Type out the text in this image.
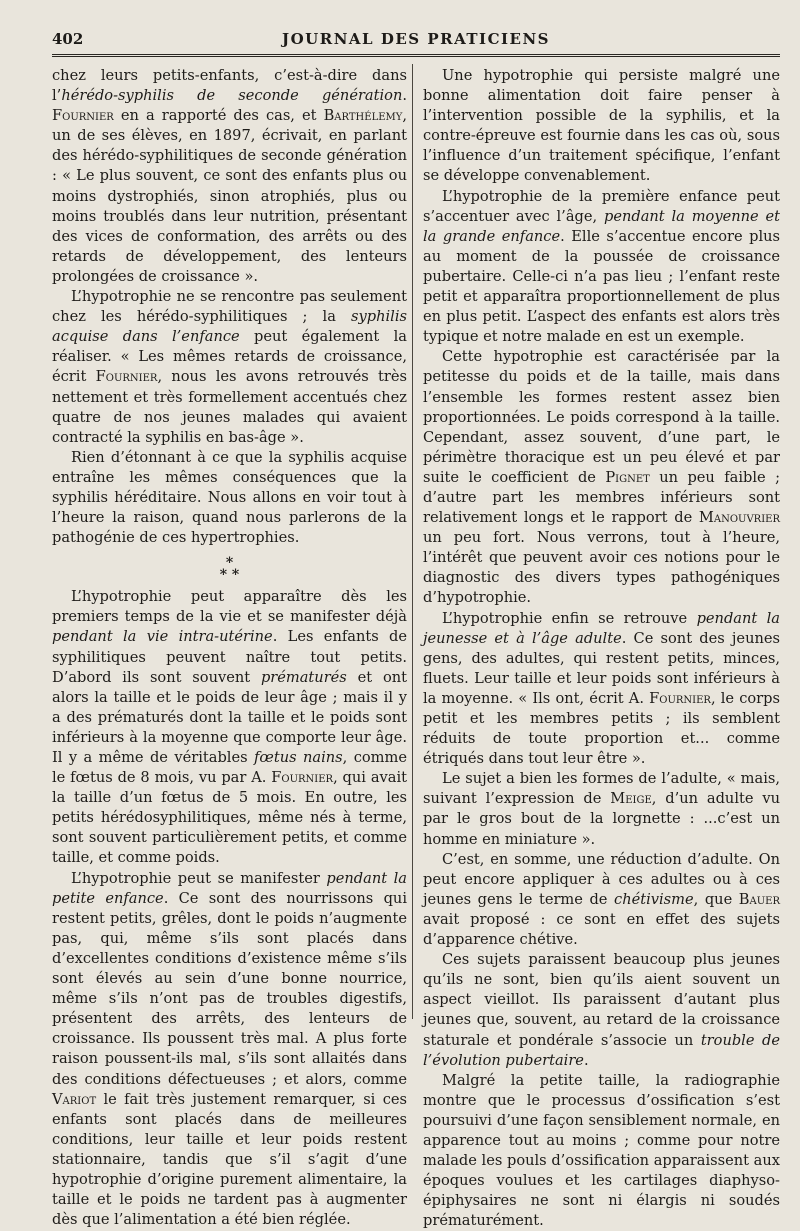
402	JOURNAL DES PRATICIENS

chez leurs petits-enfants, c’est-à-dire dans l’hérédo-syphilis de seconde génération. Fournier en a rapporté des cas, et Barthélemy, un de ses élèves, en 1897, écrivait, en parlant des hérédo-syphilitiques de seconde génération : « Le plus souvent, ce sont des enfants plus ou moins dystrophiés, sinon atrophiés, plus ou moins troublés dans leur nutrition, présentant des vices de conformation, des arrêts ou des retards de développement, des lenteurs prolongées de croissance ».

L’hypotrophie ne se rencontre pas seulement chez les hérédo-syphilitiques ; la syphilis acquise dans l’enfance peut également la réaliser. « Les mêmes retards de croissance, écrit Fournier, nous les avons retrouvés très nettement et très formellement accentués chez quatre de nos jeunes malades qui avaient contracté la syphilis en bas-âge ».

Rien d’étonnant à ce que la syphilis acquise entraîne les mêmes conséquences que la syphilis héréditaire. Nous allons en voir tout à l’heure la raison, quand nous parlerons de la pathogénie de ces hypertrophies.

*
* *

L’hypotrophie peut apparaître dès les premiers temps de la vie et se manifester déjà pendant la vie intra-utérine. Les enfants de syphilitiques peuvent naître tout petits. D’abord ils sont souvent prématurés et ont alors la taille et le poids de leur âge ; mais il y a des prématurés dont la taille et le poids sont inférieurs à la moyenne que comporte leur âge. Il y a même de véritables fœtus nains, comme le fœtus de 8 mois, vu par A. Fournier, qui avait la taille d’un fœtus de 5 mois. En outre, les petits hérédosyphilitiques, même nés à terme, sont souvent particulièrement petits, et comme taille, et comme poids.

L’hypotrophie peut se manifester pendant la petite enfance. Ce sont des nourrissons qui restent petits, grêles, dont le poids n’augmente pas, qui, même s’ils sont placés dans d’excellentes conditions d’existence même s’ils sont élevés au sein d’une bonne nourrice, même s’ils n’ont pas de troubles digestifs, présentent des arrêts, des lenteurs de croissance. Ils poussent très mal. A plus forte raison poussent-ils mal, s’ils sont allaités dans des conditions défectueuses ; et alors, comme Variot le fait très justement remarquer, si ces enfants sont placés dans de meilleures conditions, leur taille et leur poids restent stationnaire, tandis que s’il s’agit d’une hypotrophie d’origine purement alimentaire, la taille et le poids ne tardent pas à augmenter dès que l’alimentation a été bien réglée.

Une hypotrophie qui persiste malgré une bonne alimentation doit faire penser à l’intervention possible de la syphilis, et la contre-épreuve est fournie dans les cas où, sous l’influence d’un traitement spécifique, l’enfant se développe convenablement.

L’hypotrophie de la première enfance peut s’accentuer avec l’âge, pendant la moyenne et la grande enfance. Elle s’accentue encore plus au moment de la poussée de croissance pubertaire. Celle-ci n’a pas lieu ; l’enfant reste petit et apparaîtra proportionnellement de plus en plus petit. L’aspect des enfants est alors très typique et notre malade en est un exemple.

Cette hypotrophie est caractérisée par la petitesse du poids et de la taille, mais dans l’ensemble les formes restent assez bien proportionnées. Le poids correspond à la taille. Cependant, assez souvent, d’une part, le périmètre thoracique est un peu élevé et par suite le coefficient de Pignet un peu faible ; d’autre part les membres inférieurs sont relativement longs et le rapport de Manouvrier un peu fort. Nous verrons, tout à l’heure, l’intérêt que peuvent avoir ces notions pour le diagnostic des divers types pathogéniques d’hypotrophie.

L’hypotrophie enfin se retrouve pendant la jeunesse et à l’âge adulte. Ce sont des jeunes gens, des adultes, qui restent petits, minces, fluets. Leur taille et leur poids sont inférieurs à la moyenne. « Ils ont, écrit A. Fournier, le corps petit et les membres petits ; ils semblent réduits de toute proportion et... comme étriqués dans tout leur être ».

Le sujet a bien les formes de l’adulte, « mais, suivant l’expression de Meige, d’un adulte vu par le gros bout de la lorgnette : ...c’est un homme en miniature ».

C’est, en somme, une réduction d’adulte. On peut encore appliquer à ces adultes ou à ces jeunes gens le terme de chétivisme, que Bauer avait proposé : ce sont en effet des sujets d’apparence chétive.

Ces sujets paraissent beaucoup plus jeunes qu’ils ne sont, bien qu’ils aient souvent un aspect vieillot. Ils paraissent d’autant plus jeunes que, souvent, au retard de la croissance staturale et pondérale s’associe un trouble de l’évolution pubertaire.

Malgré la petite taille, la radiographie montre que le processus d’ossification s’est poursuivi d’une façon sensiblement normale, en apparence tout au moins ; comme pour notre malade les pouls d’ossification apparaissent aux époques voulues et les cartilages diaphyso-épiphysaires ne sont ni élargis ni soudés prématurément.
